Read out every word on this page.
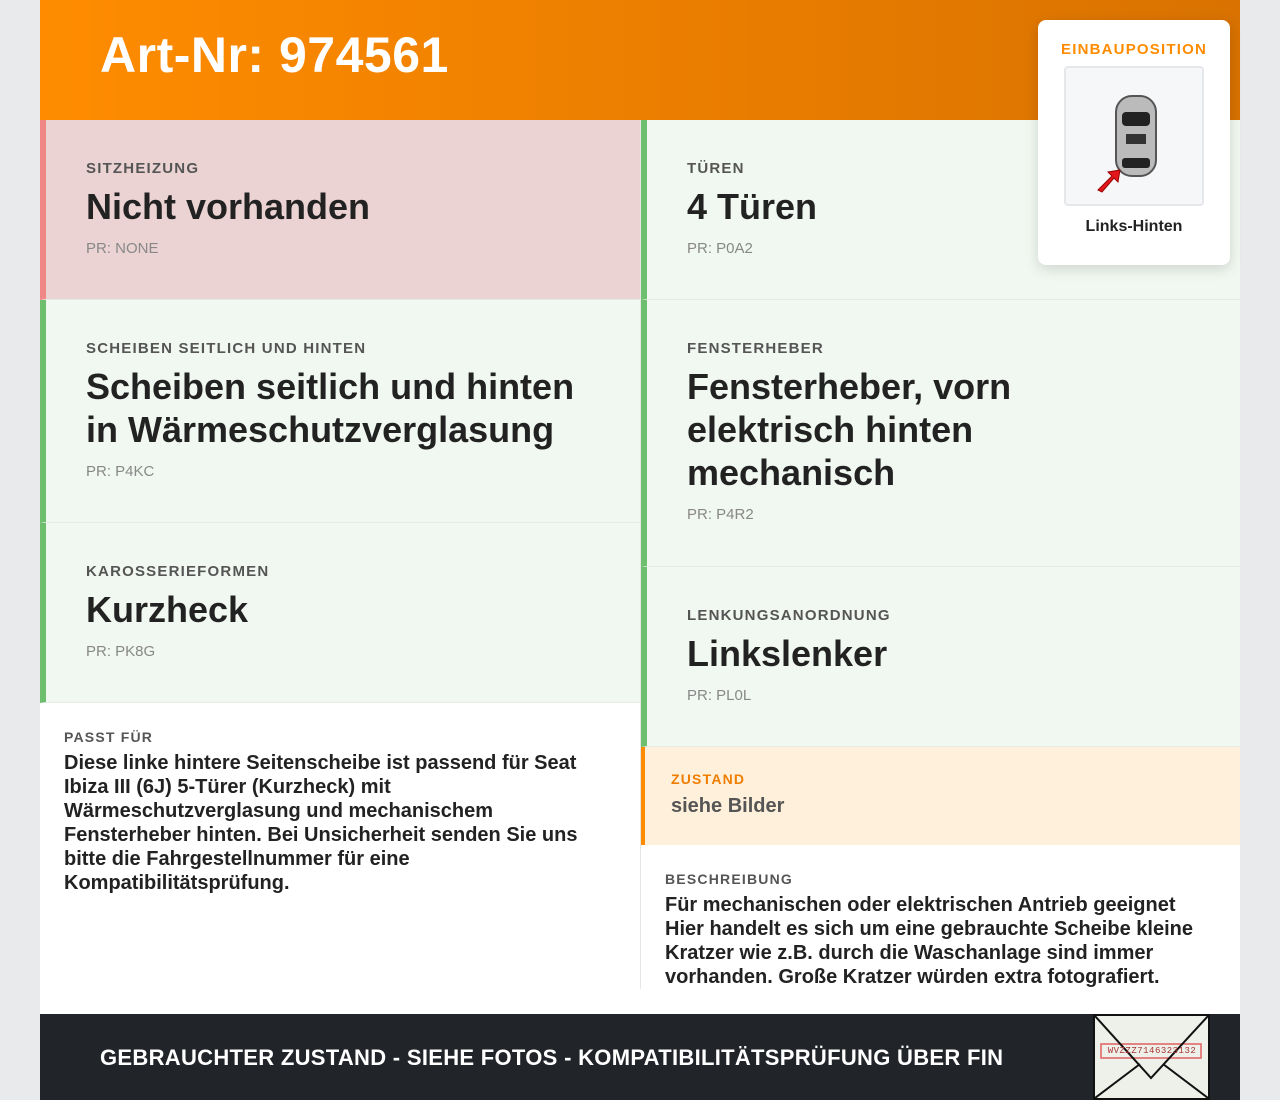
Art-Nr: 974561
SITZHEIZUNG
Nicht vorhanden
PR: NONE
SCHEIBEN SEITLICH UND HINTEN
Scheiben seitlich und hinten in Wärmeschutzverglasung
PR: P4KC
KAROSSERIEFORMEN
Kurzheck
PR: PK8G
PASST FÜR
Diese linke hintere Seitenscheibe ist passend für Seat Ibiza III (6J) 5-Türer (Kurzheck) mit Wärmeschutzverglasung und mechanischem Fensterheber hinten. Bei Unsicherheit senden Sie uns bitte die Fahrgestellnummer für eine Kompatibilitätsprüfung.
TÜREN
4 Türen
PR: P0A2
FENSTERHEBER
Fensterheber, vorn elektrisch hinten mechanisch
PR: P4R2
LENKUNGSANORDNUNG
Linkslenker
PR: PL0L
ZUSTAND
siehe Bilder
BESCHREIBUNG
Für mechanischen oder elektrischen Antrieb geeignet Hier handelt es sich um eine gebrauchte Scheibe kleine Kratzer wie z.B. durch die Waschanlage sind immer vorhanden. Große Kratzer würden extra fotografiert.
EINBAUPOSITION
Links-Hinten
GEBRAUCHTER ZUSTAND - SIEHE FOTOS - KOMPATIBILITÄTSPRÜFUNG ÜBER FIN	WVZZZ7146323132
